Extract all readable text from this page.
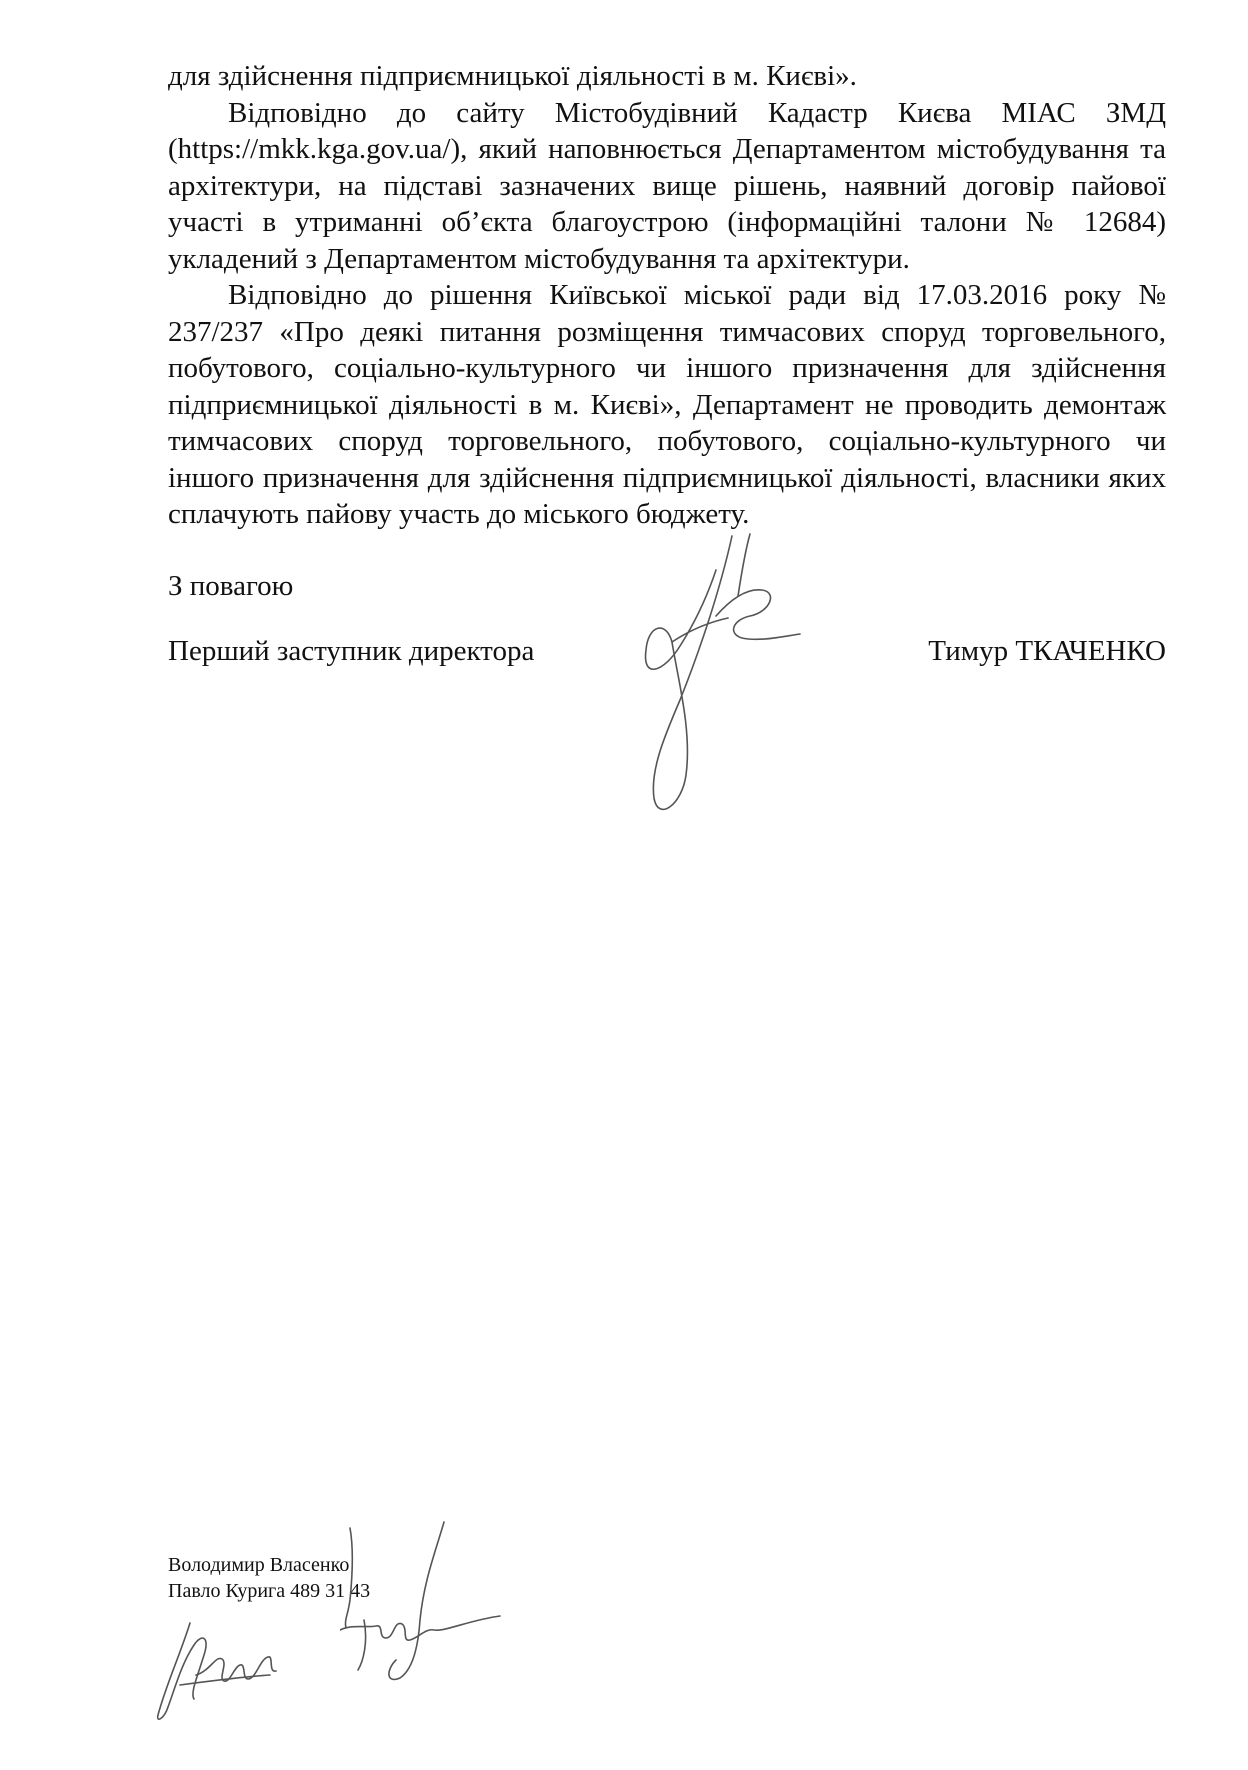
для здійснення підприємницької діяльності в м. Києві».

Відповідно до сайту Містобудівний Кадастр Києва МІАС ЗМД (https://mkk.kga.gov.ua/), який наповнюється Департаментом містобудування та архітектури, на підставі зазначених вище рішень, наявний договір пайової участі в утриманні об’єкта благоустрою (інформаційні талони № 12684) укладений з Департаментом містобудування та архітектури.

Відповідно до рішення Київської міської ради від 17.03.2016 року № 237/237 «Про деякі питання розміщення тимчасових споруд торговельного, побутового, соціально-культурного чи іншого призначення для здійснення підприємницької діяльності в м. Києві», Департамент не проводить демонтаж тимчасових споруд торговельного, побутового, соціально-культурного чи іншого призначення для здійснення підприємницької діяльності, власники яких сплачують пайову участь до міського бюджету.

З повагою
Перший заступник директора	Тимур ТКАЧЕНКО
Володимир Власенко
Павло Курига 489 31 43
